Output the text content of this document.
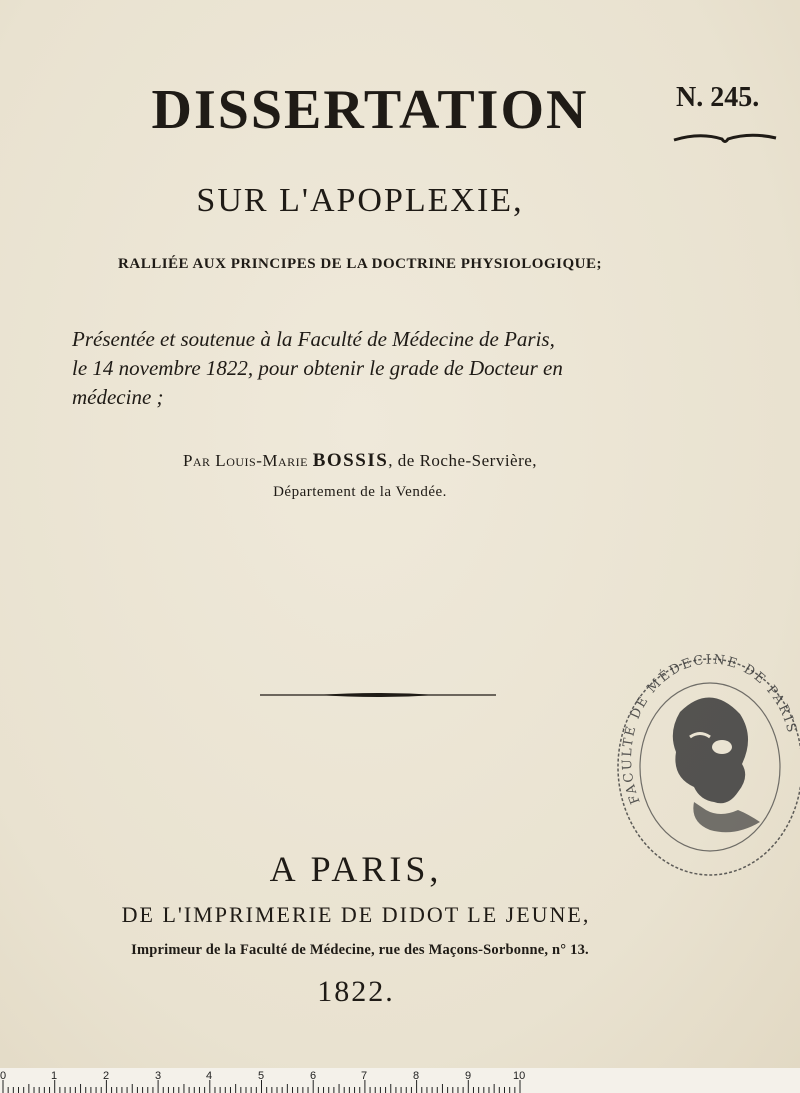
DISSERTATION	N. 245.
SUR L'APOPLEXIE,
RALLIÉE AUX PRINCIPES DE LA DOCTRINE PHYSIOLOGIQUE;
Présentée et soutenue à la Faculté de Médecine de Paris,
le 14 novembre 1822, pour obtenir le grade de Docteur en
médecine ;
Par Louis-Marie BOSSIS, de Roche-Servière,
Département de la Vendée.
FACULTÉ DE MÉDECINE DE PARIS
A PARIS,
DE L'IMPRIMERIE DE DIDOT LE JEUNE,
Imprimeur de la Faculté de Médecine, rue des Maçons-Sorbonne, n° 13.
1822.
0	1	2	3	4	5	6	7	8	9	10
